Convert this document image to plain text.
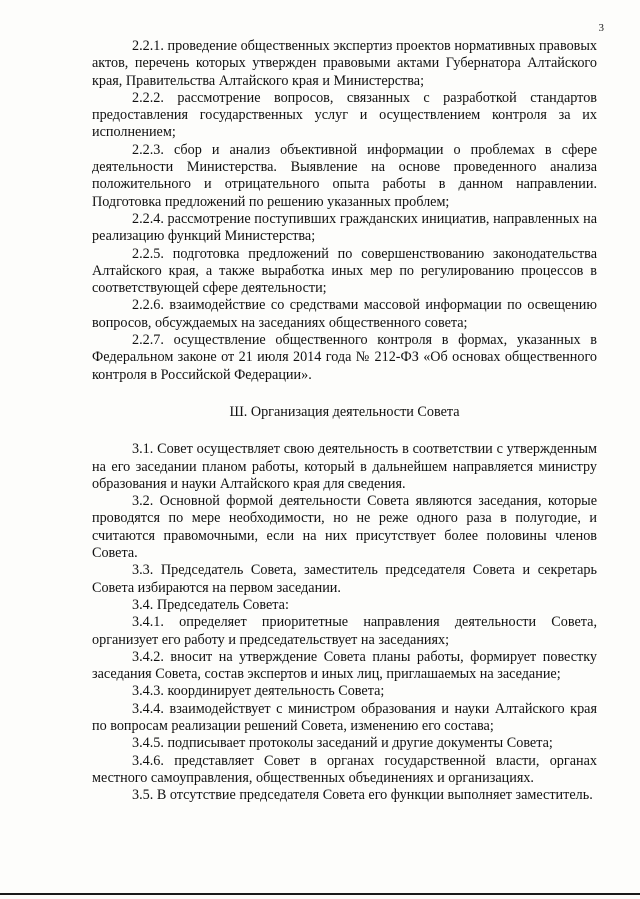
3

2.2.1. проведение общественных экспертиз проектов нормативных правовых актов, перечень которых утвержден правовыми актами Губернатора Алтайского края, Правительства Алтайского края и Министерства;

2.2.2. рассмотрение вопросов, связанных с разработкой стандартов предоставления государственных услуг и осуществлением контроля за их исполнением;

2.2.3. сбор и анализ объективной информации о проблемах в сфере деятельности Министерства. Выявление на основе проведенного анализа положительного и отрицательного опыта работы в данном направлении. Подготовка предложений по решению указанных проблем;

2.2.4. рассмотрение поступивших гражданских инициатив, направленных на реализацию функций Министерства;

2.2.5. подготовка предложений по совершенствованию законодательства Алтайского края, а также выработка иных мер по регулированию процессов в соответствующей сфере деятельности;

2.2.6. взаимодействие со средствами массовой информации по освещению вопросов, обсуждаемых на заседаниях общественного совета;

2.2.7. осуществление общественного контроля в формах, указанных в Федеральном законе от 21 июля 2014 года № 212-ФЗ «Об основах общественного контроля в Российской Федерации».

Ш. Организация деятельности Совета

3.1. Совет осуществляет свою деятельность в соответствии с утвержденным на его заседании планом работы, который в дальнейшем направляется министру образования и науки Алтайского края для сведения.

3.2. Основной формой деятельности Совета являются заседания, которые проводятся по мере необходимости, но не реже одного раза в полугодие, и считаются правомочными, если на них присутствует более половины членов Совета.

3.3. Председатель Совета, заместитель председателя Совета и секретарь Совета избираются на первом заседании.

3.4. Председатель Совета:

3.4.1. определяет приоритетные направления деятельности Совета, организует его работу и председательствует на заседаниях;

3.4.2. вносит на утверждение Совета планы работы, формирует повестку заседания Совета, состав экспертов и иных лиц, приглашаемых на заседание;

3.4.3. координирует деятельность Совета;

3.4.4. взаимодействует с министром образования и науки Алтайского края по вопросам реализации решений Совета, изменению его состава;

3.4.5. подписывает протоколы заседаний и другие документы Совета;

3.4.6. представляет Совет в органах государственной власти, органах местного самоуправления, общественных объединениях и организациях.

3.5. В отсутствие председателя Совета его функции выполняет заместитель.
